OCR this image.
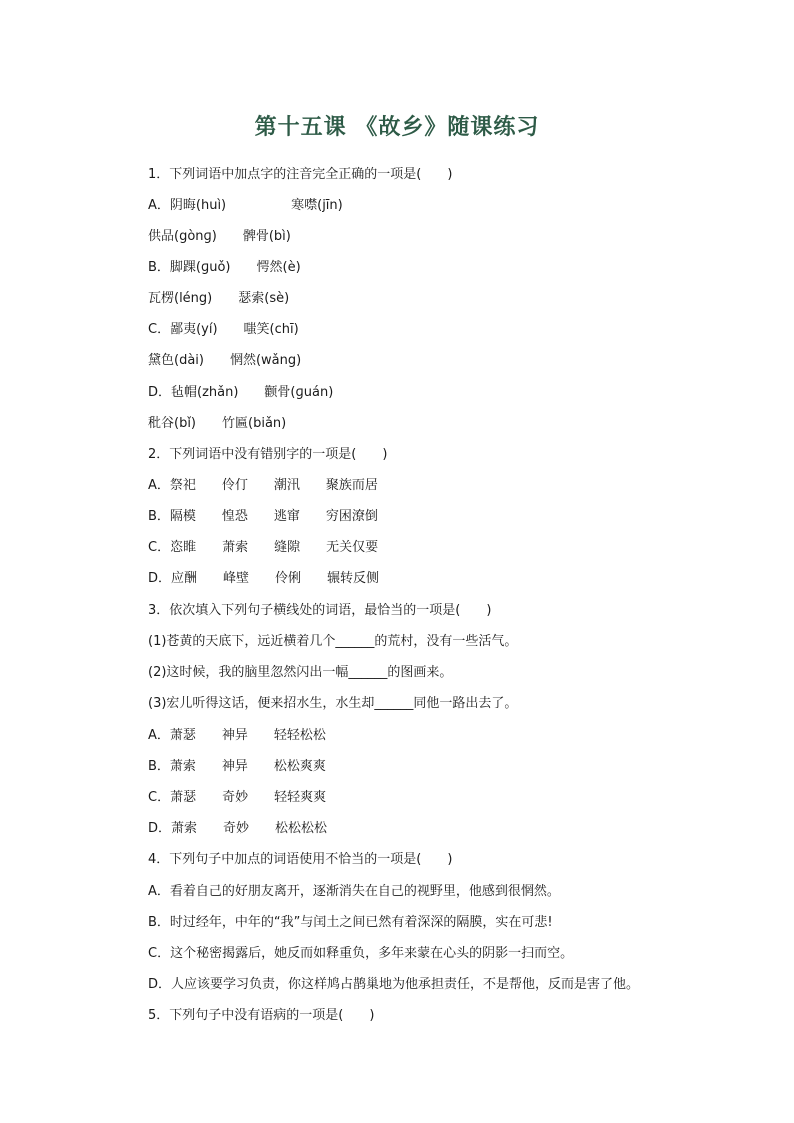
第十五课 《故乡》随课练习
1．下列词语中加点字的注音完全正确的一项是(　　)
A．阴晦(huì)　　　　　寒噤(jīn)
供品(gònɡ)　　髀骨(bì)
B．脚踝(ɡuǒ)　　愕然(è)
瓦楞(léng)　　瑟索(sè)
C．鄙夷(yí)　　嗤笑(chī)
黛色(dài)　　惘然(wǎng)
D．毡帽(zhǎn)　　颧骨(ɡuán)
秕谷(bǐ)　　竹匾(biǎn)
2．下列词语中没有错别字的一项是(　　)
A．祭祀　　伶仃　　潮汛　　聚族而居
B．隔模　　惶恐　　逃窜　　穷困潦倒
C．恣睢　　萧索　　缝隙　　无关仅要
D．应酬　　峰壁　　伶俐　　辗转反侧
3．依次填入下列句子横线处的词语，最恰当的一项是(　　)
(1)苍黄的天底下，远近横着几个______的荒村，没有一些活气。
(2)这时候，我的脑里忽然闪出一幅______的图画来。
(3)宏儿听得这话，便来招水生，水生却______同他一路出去了。
A．萧瑟　　神异　　轻轻松松
B．萧索　　神异　　松松爽爽
C．萧瑟　　奇妙　　轻轻爽爽
D．萧索　　奇妙　　松松松松
4．下列句子中加点的词语使用不恰当的一项是(　　)
A．看着自己的好朋友离开，逐渐消失在自己的视野里，他感到很惘然。
B．时过经年，中年的“我”与闰土之间已然有着深深的隔膜，实在可悲!
C．这个秘密揭露后，她反而如释重负，多年来蒙在心头的阴影一扫而空。
D．人应该要学习负责，你这样鸠占鹊巢地为他承担责任，不是帮他，反而是害了他。
5．下列句子中没有语病的一项是(　　)
